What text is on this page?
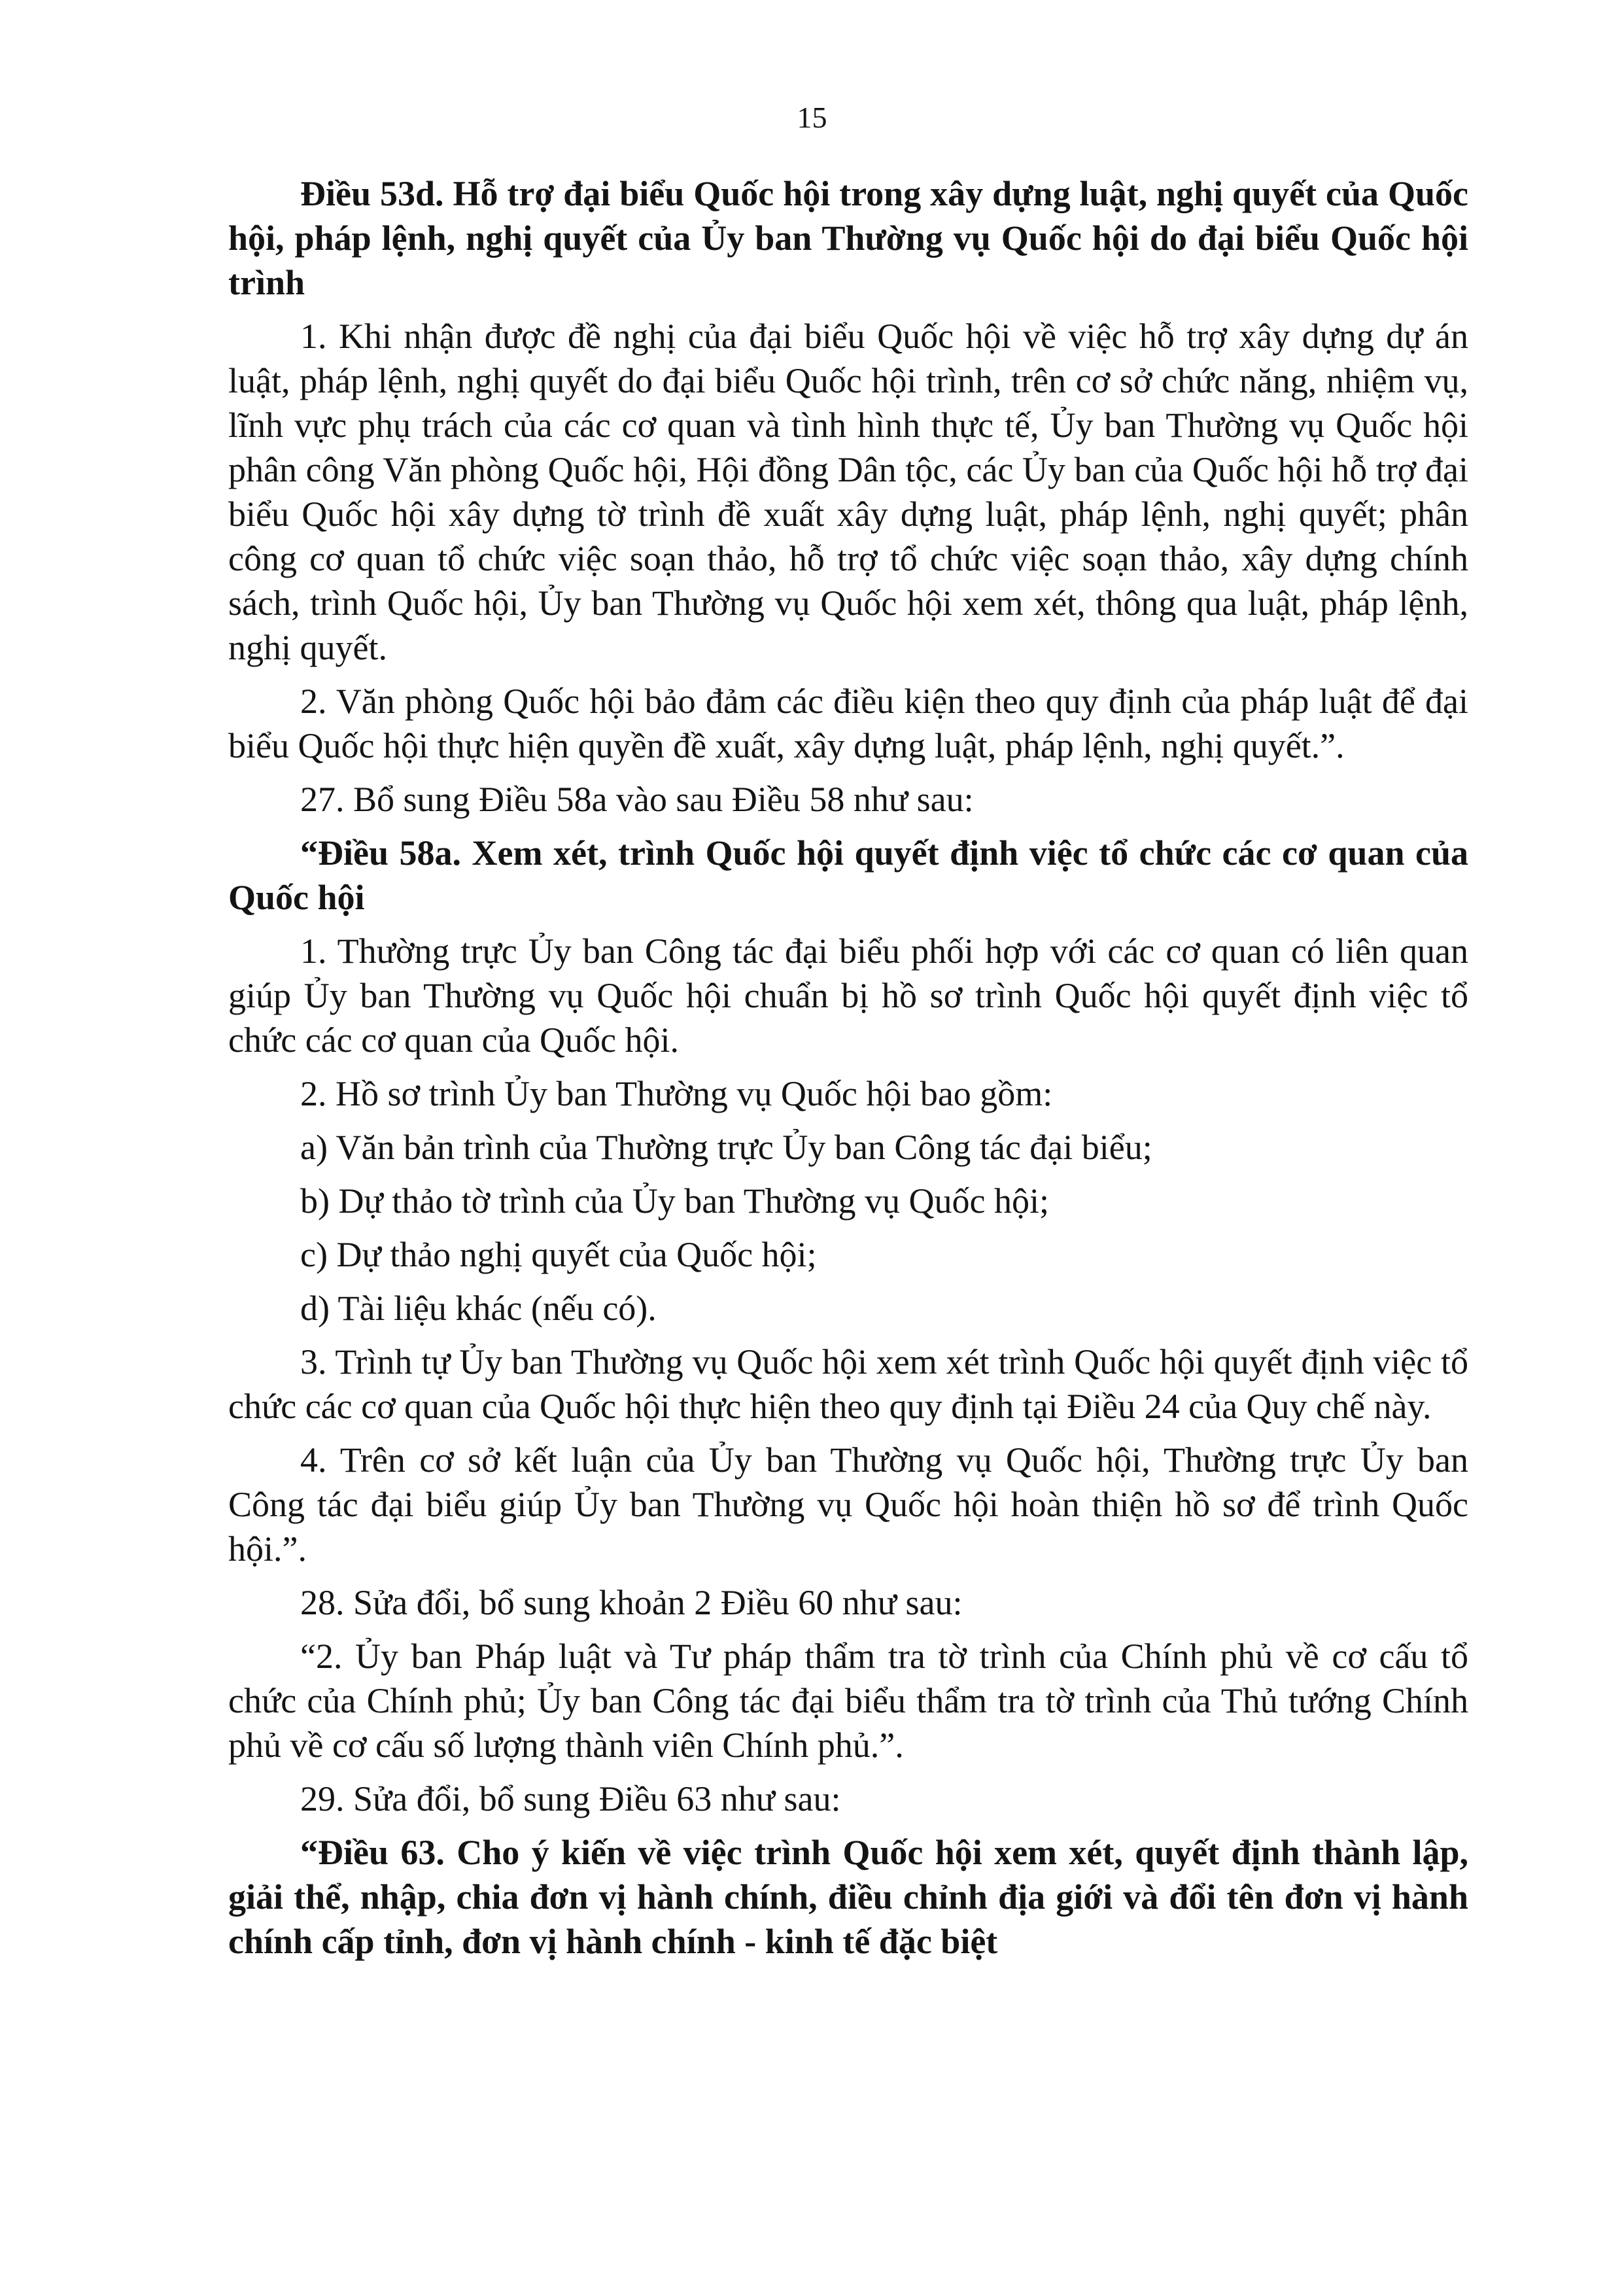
15

Điều 53d. Hỗ trợ đại biểu Quốc hội trong xây dựng luật, nghị quyết của Quốc hội, pháp lệnh, nghị quyết của Ủy ban Thường vụ Quốc hội do đại biểu Quốc hội trình

1. Khi nhận được đề nghị của đại biểu Quốc hội về việc hỗ trợ xây dựng dự án luật, pháp lệnh, nghị quyết do đại biểu Quốc hội trình, trên cơ sở chức năng, nhiệm vụ, lĩnh vực phụ trách của các cơ quan và tình hình thực tế, Ủy ban Thường vụ Quốc hội phân công Văn phòng Quốc hội, Hội đồng Dân tộc, các Ủy ban của Quốc hội hỗ trợ đại biểu Quốc hội xây dựng tờ trình đề xuất xây dựng luật, pháp lệnh, nghị quyết; phân công cơ quan tổ chức việc soạn thảo, hỗ trợ tổ chức việc soạn thảo, xây dựng chính sách, trình Quốc hội, Ủy ban Thường vụ Quốc hội xem xét, thông qua luật, pháp lệnh, nghị quyết.

2. Văn phòng Quốc hội bảo đảm các điều kiện theo quy định của pháp luật để đại biểu Quốc hội thực hiện quyền đề xuất, xây dựng luật, pháp lệnh, nghị quyết.”.

27. Bổ sung Điều 58a vào sau Điều 58 như sau:

“Điều 58a. Xem xét, trình Quốc hội quyết định việc tổ chức các cơ quan của Quốc hội

1. Thường trực Ủy ban Công tác đại biểu phối hợp với các cơ quan có liên quan giúp Ủy ban Thường vụ Quốc hội chuẩn bị hồ sơ trình Quốc hội quyết định việc tổ chức các cơ quan của Quốc hội.

2. Hồ sơ trình Ủy ban Thường vụ Quốc hội bao gồm:

a) Văn bản trình của Thường trực Ủy ban Công tác đại biểu;

b) Dự thảo tờ trình của Ủy ban Thường vụ Quốc hội;

c) Dự thảo nghị quyết của Quốc hội;

d) Tài liệu khác (nếu có).

3. Trình tự Ủy ban Thường vụ Quốc hội xem xét trình Quốc hội quyết định việc tổ chức các cơ quan của Quốc hội thực hiện theo quy định tại Điều 24 của Quy chế này.

4. Trên cơ sở kết luận của Ủy ban Thường vụ Quốc hội, Thường trực Ủy ban Công tác đại biểu giúp Ủy ban Thường vụ Quốc hội hoàn thiện hồ sơ để trình Quốc hội.”.

28. Sửa đổi, bổ sung khoản 2 Điều 60 như sau:

“2. Ủy ban Pháp luật và Tư pháp thẩm tra tờ trình của Chính phủ về cơ cấu tổ chức của Chính phủ; Ủy ban Công tác đại biểu thẩm tra tờ trình của Thủ tướng Chính phủ về cơ cấu số lượng thành viên Chính phủ.”.

29. Sửa đổi, bổ sung Điều 63 như sau:

“Điều 63. Cho ý kiến về việc trình Quốc hội xem xét, quyết định thành lập, giải thể, nhập, chia đơn vị hành chính, điều chỉnh địa giới và đổi tên đơn vị hành chính cấp tỉnh, đơn vị hành chính - kinh tế đặc biệt
